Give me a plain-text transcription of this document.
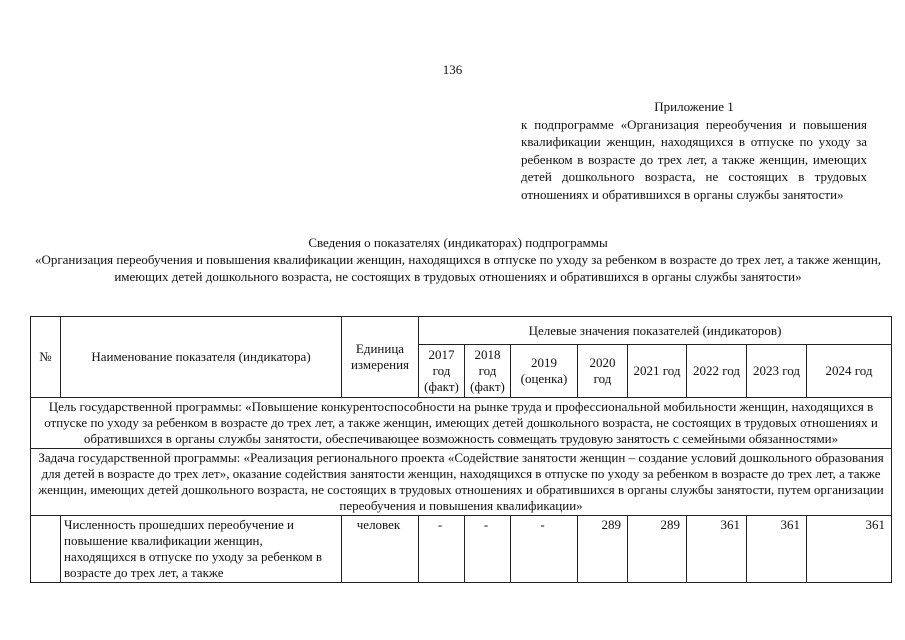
136
Приложение 1
к подпрограмме «Организация переобучения и повышения квалификации женщин, находящихся в отпуске по уходу за ребенком в возрасте до трех лет, а также женщин, имеющих детей дошкольного возраста, не состоящих в трудовых отношениях и обратившихся в органы службы занятости»
Сведения о показателях (индикаторах) подпрограммы
«Организация переобучения и повышения квалификации женщин, находящихся в отпуске по уходу за ребенком в возрасте до трех лет, а также женщин, имеющих детей дошкольного возраста, не состоящих в трудовых отношениях и обратившихся в органы службы занятости»
№	Наименование показателя (индикатора)	Единица измерения	Целевые значения показателей (индикаторов)							
			2017 год (факт)	2018 год (факт)	2019 (оценка)	2020 год	2021 год	2022 год	2023 год	2024 год
Цель государственной программы: «Повышение конкурентоспособности на рынке труда и профессиональной мобильности женщин, находящихся в отпуске по уходу за ребенком в возрасте до трех лет, а также женщин, имеющих детей дошкольного возраста, не состоящих в трудовых отношениях и обратившихся в органы службы занятости, обеспечивающее возможность совмещать трудовую занятость с семейными обязанностями»										
Задача государственной программы: «Реализация регионального проекта «Содействие занятости женщин – создание условий дошкольного образования для детей в возрасте до трех лет», оказание содействия занятости женщин, находящихся в отпуске по уходу за ребенком в возрасте до трех лет, а также женщин, имеющих детей дошкольного возраста, не состоящих в трудовых отношениях и обратившихся в органы службы занятости, путем организации переобучения и повышения квалификации»										
	Численность прошедших переобучение и повышение квалификации женщин, находящихся в отпуске по уходу за ребенком в возрасте до трех лет, а также	человек	-	-	-	289	289	361	361	361
